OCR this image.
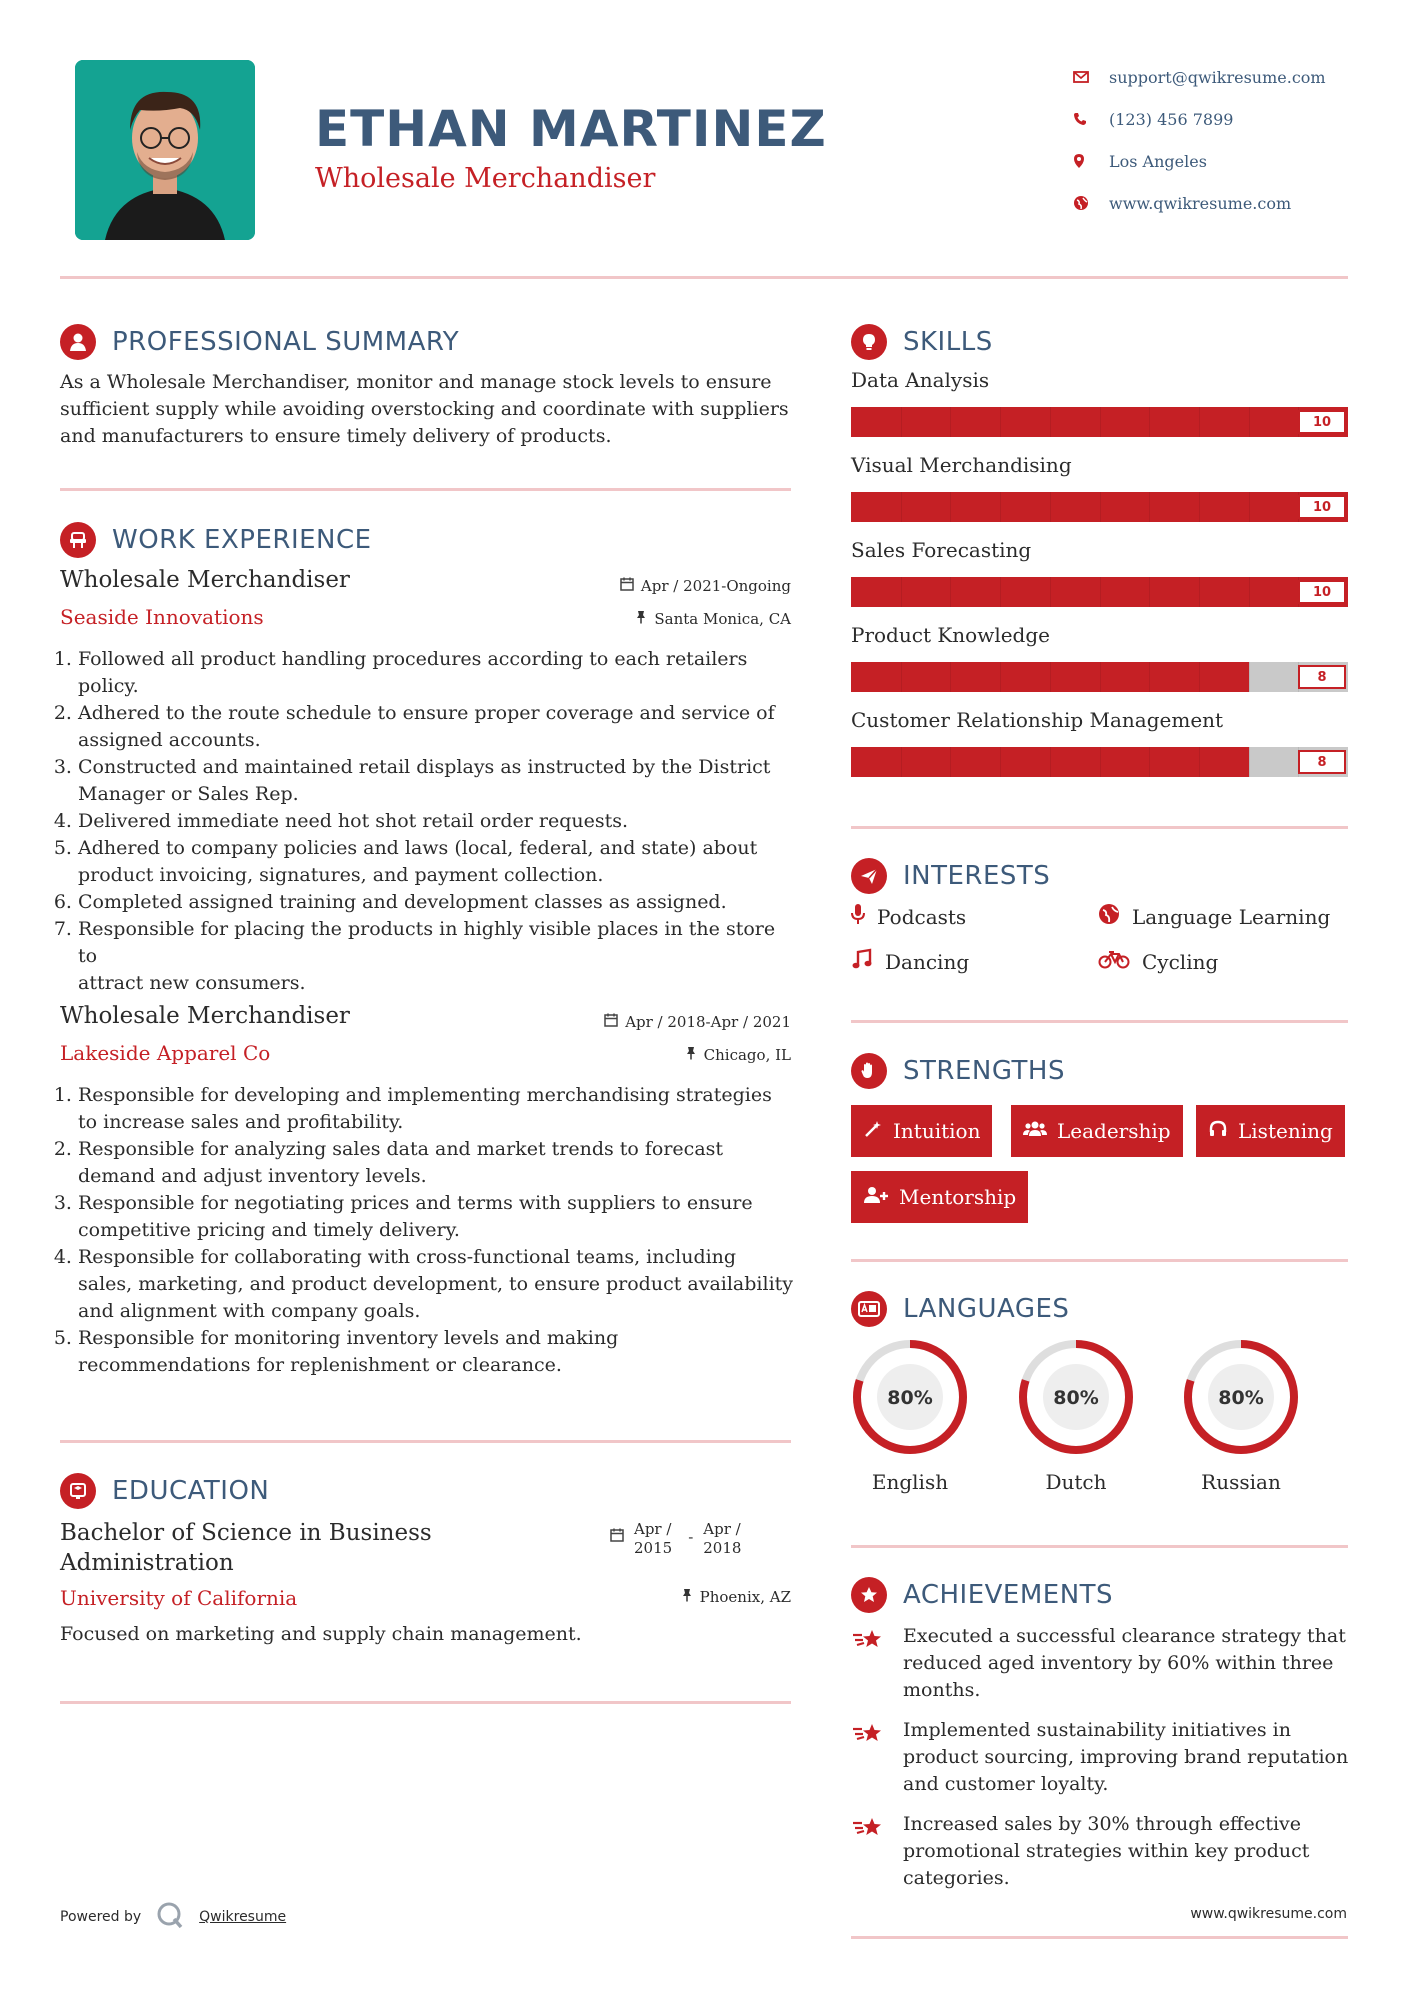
ETHAN MARTINEZ
Wholesale Merchandiser
support@qwikresume.com
(123) 456 7899
Los Angeles
www.qwikresume.com
PROFESSIONAL SUMMARY
As a Wholesale Merchandiser, monitor and manage stock levels to ensure
sufficient supply while avoiding overstocking and coordinate with suppliers
and manufacturers to ensure timely delivery of products.
WORK EXPERIENCE
Wholesale Merchandiser
Seaside Innovations
Apr / 2021-Ongoing
Santa Monica, CA
1. Followed all product handling procedures according to each retailers
policy.
2. Adhered to the route schedule to ensure proper coverage and service of
assigned accounts.
3. Constructed and maintained retail displays as instructed by the District
Manager or Sales Rep.
4. Delivered immediate need hot shot retail order requests.
5. Adhered to company policies and laws (local, federal, and state) about
product invoicing, signatures, and payment collection.
6. Completed assigned training and development classes as assigned.
7. Responsible for placing the products in highly visible places in the store to
attract new consumers.
Wholesale Merchandiser
Lakeside Apparel Co
Apr / 2018-Apr / 2021
Chicago, IL
1. Responsible for developing and implementing merchandising strategies
to increase sales and profitability.
2. Responsible for analyzing sales data and market trends to forecast
demand and adjust inventory levels.
3. Responsible for negotiating prices and terms with suppliers to ensure
competitive pricing and timely delivery.
4. Responsible for collaborating with cross-functional teams, including
sales, marketing, and product development, to ensure product availability
and alignment with company goals.
5. Responsible for monitoring inventory levels and making
recommendations for replenishment or clearance.
EDUCATION
Bachelor of Science in Business
Administration
Apr /
2015
- Apr /
2018
University of California	Phoenix, AZ
Focused on marketing and supply chain management.
SKILLS
Data Analysis
10
Visual Merchandising
10
Sales Forecasting
10
Product Knowledge
8
Customer Relationship Management
8
INTERESTS
Podcasts	Language Learning
Dancing	Cycling
STRENGTHS
Intuition	Leadership	Listening
Mentorship
LANGUAGES
80%
English
80%
Dutch
80%
Russian
ACHIEVEMENTS
Executed a successful clearance strategy that
reduced aged inventory by 60% within three
months.
Implemented sustainability initiatives in
product sourcing, improving brand reputation
and customer loyalty.
Increased sales by 30% through effective
promotional strategies within key product
categories.
Powered by	Qwikresume	www.qwikresume.com
